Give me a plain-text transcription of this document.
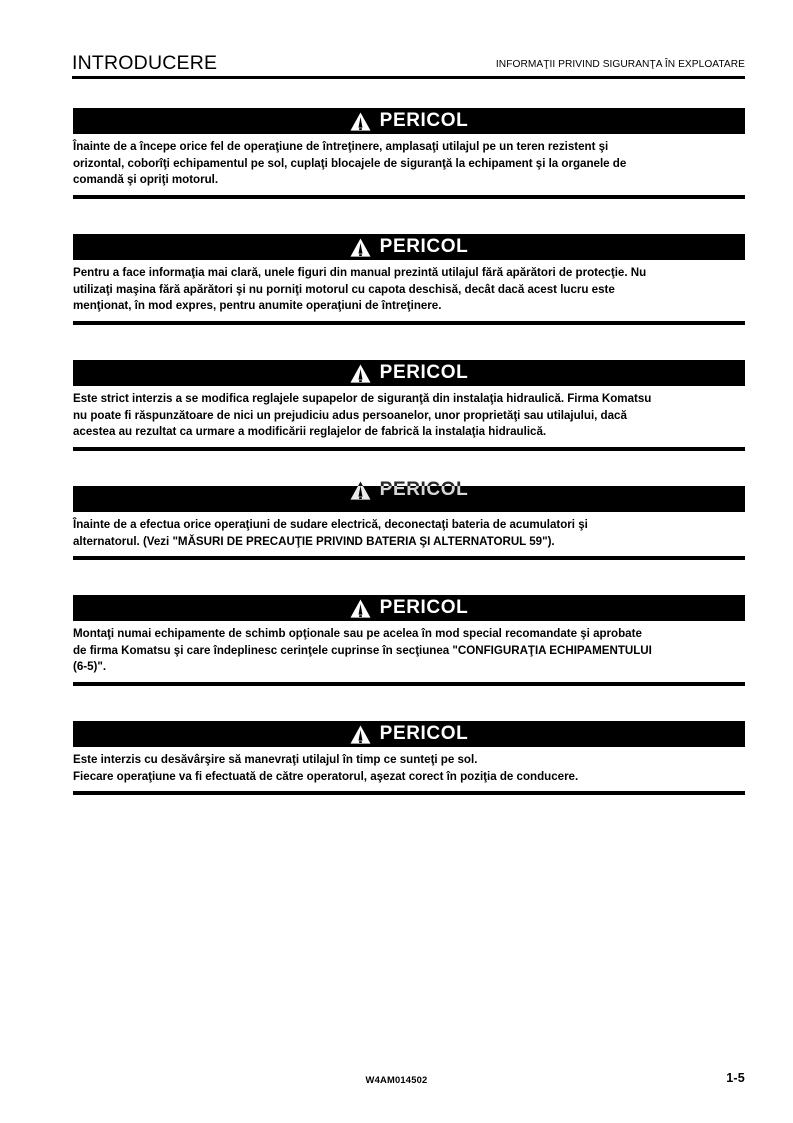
INTRODUCERE	INFORMAŢII PRIVIND SIGURANŢA ÎN EXPLOATARE
PERICOL

Înainte de a începe orice fel de operaţiune de întreţinere, amplasaţi utilajul pe un teren rezistent şi

orizontal, coborîţi echipamentul pe sol, cuplaţi blocajele de siguranţă la echipament şi la organele de

comandă şi opriţi motorul.

PERICOL

Pentru a face informaţia mai clară, unele figuri din manual prezintă utilajul fără apărători de protecţie. Nu

utilizaţi maşina fără apărători şi nu porniţi motorul cu capota deschisă, decât dacă acest lucru este

menţionat, în mod expres, pentru anumite operaţiuni de întreţinere.

PERICOL

Este strict interzis a se modifica reglajele supapelor de siguranţă din instalaţia hidraulică. Firma Komatsu

nu poate fi răspunzătoare de nici un prejudiciu adus persoanelor, unor proprietăţi sau utilajului, dacă

acestea au rezultat ca urmare a modificării reglajelor de fabrică la instalaţia hidraulică.

PERICOL

Înainte de a efectua orice operaţiuni de sudare electrică, deconectaţi bateria de acumulatori şi

alternatorul. (Vezi "MĂSURI DE PRECAUŢIE PRIVIND BATERIA ŞI ALTERNATORUL 59").

PERICOL

Montaţi numai echipamente de schimb opţionale sau pe acelea în mod special recomandate şi aprobate

de firma Komatsu şi care îndeplinesc cerinţele cuprinse în secţiunea "CONFIGURAŢIA ECHIPAMENTULUI

(6-5)".

PERICOL

Este interzis cu desăvârşire să manevraţi utilajul în timp ce sunteţi pe sol.

Fiecare operaţiune va fi efectuată de către operatorul, aşezat corect în poziţia de conducere.

W4AM014502	1-5
